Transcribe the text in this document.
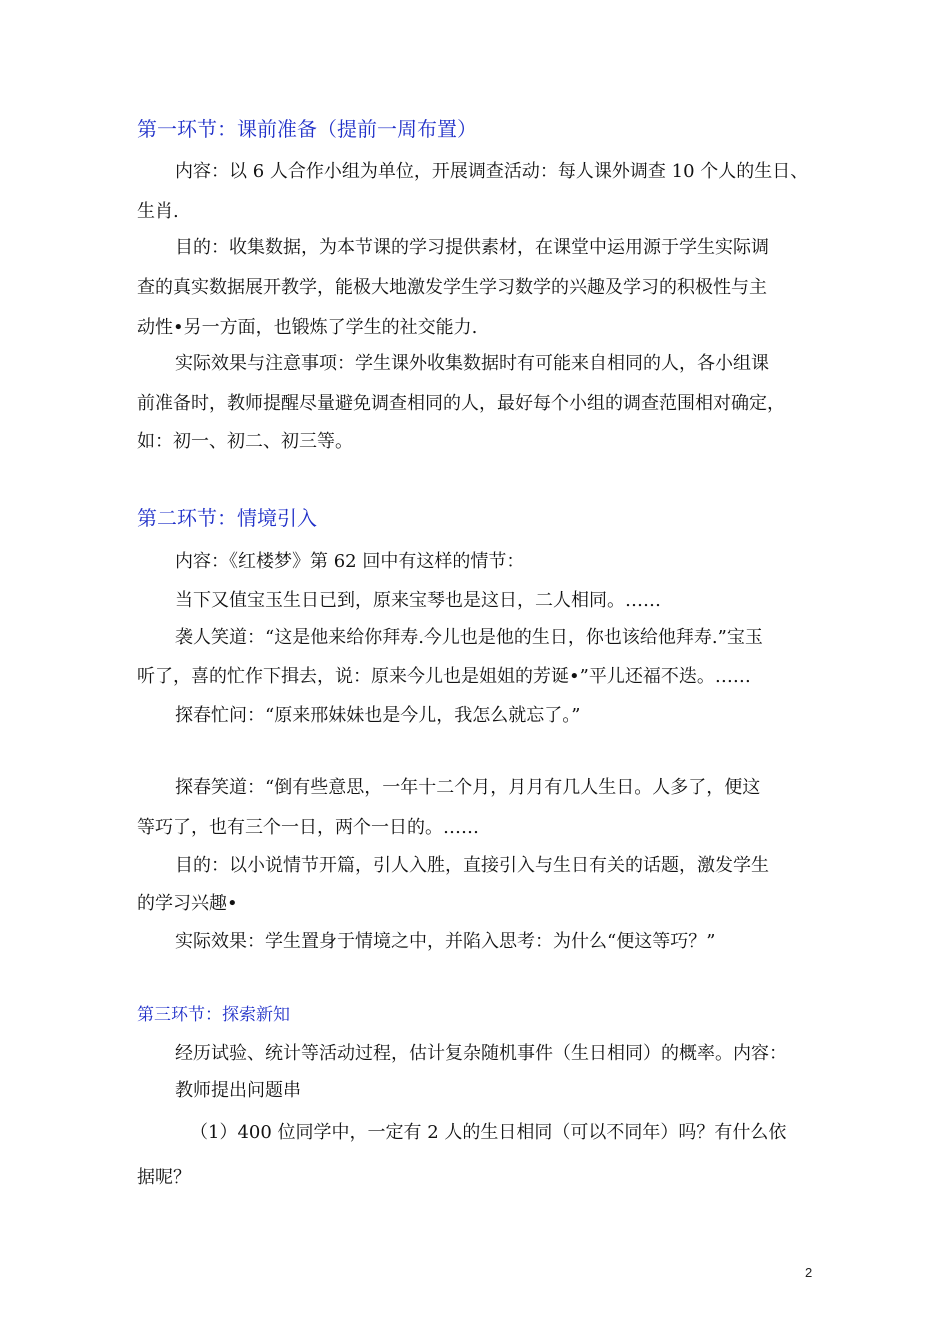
第一环节：课前准备（提前一周布置）
内容：以 6 人合作小组为单位，开展调查活动：每人课外调查 10 个人的生日、
生肖.
目的：收集数据，为本节课的学习提供素材，在课堂中运用源于学生实际调
查的真实数据展开教学，能极大地激发学生学习数学的兴趣及学习的积极性与主
动性•另一方面，也锻炼了学生的社交能力.
实际效果与注意事项：学生课外收集数据时有可能来自相同的人，各小组课
前准备时，教师提醒尽量避免调查相同的人，最好每个小组的调查范围相对确定，
如：初一、初二、初三等。
第二环节：情境引入
内容：《红楼梦》第 62 回中有这样的情节：
当下又值宝玉生日已到，原来宝琴也是这日，二人相同。……
袭人笑道：“这是他来给你拜寿.今儿也是他的生日，你也该给他拜寿.”宝玉
听了，喜的忙作下揖去，说：原来今儿也是姐姐的芳诞•”平儿还福不迭。……
探春忙问：“原来邢妹妹也是今儿，我怎么就忘了。”
探春笑道：“倒有些意思，一年十二个月，月月有几人生日。人多了，便这
等巧了，也有三个一日，两个一日的。……
目的：以小说情节开篇，引人入胜，直接引入与生日有关的话题，激发学生
的学习兴趣•
实际效果：学生置身于情境之中，并陷入思考：为什么“便这等巧？”
第三环节：探索新知
经历试验、统计等活动过程，估计复杂随机事件（生日相同）的概率。内容：
教师提出问题串
（1）400 位同学中，一定有 2 人的生日相同（可以不同年）吗？有什么依
据呢？
2
